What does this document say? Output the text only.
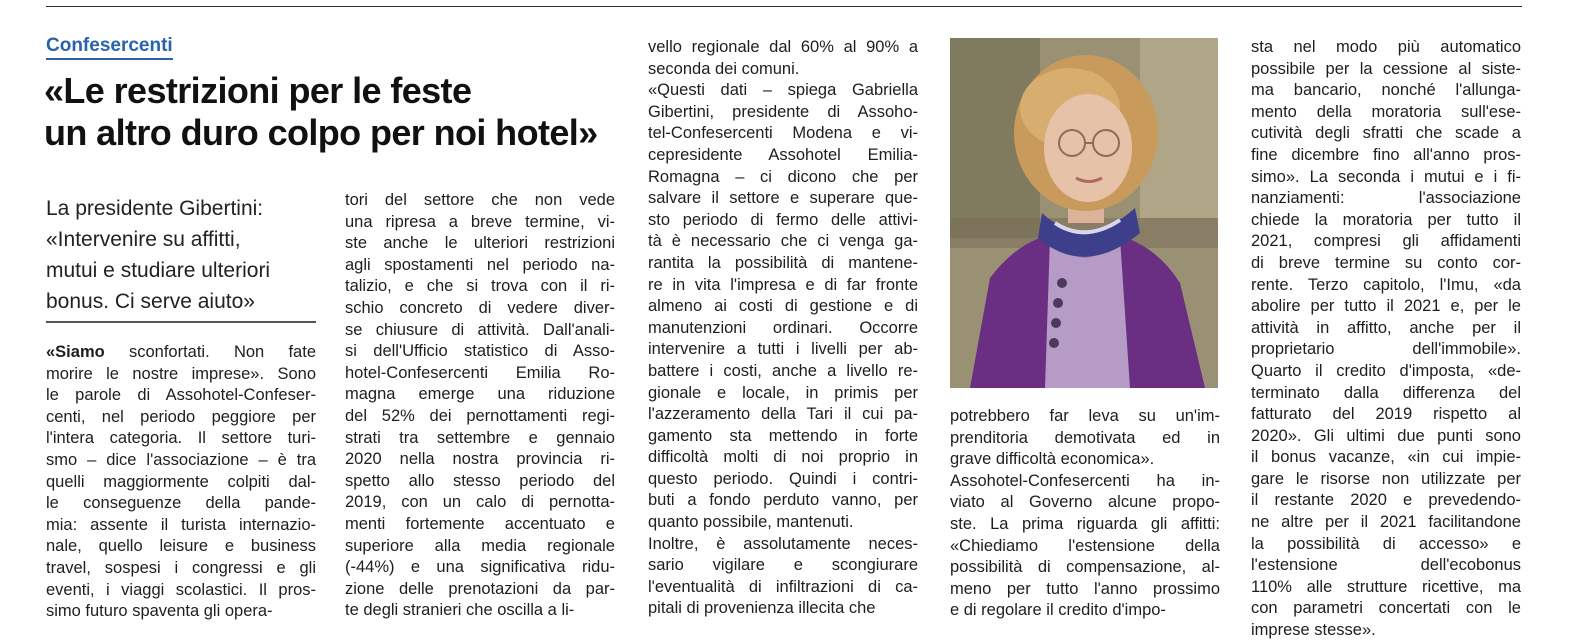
Confesercenti
«Le restrizioni per le feste
un altro duro colpo per noi hotel»

La presidente Gibertini:
«Intervenire su affitti,
mutui e studiare ulteriori
bonus. Ci serve aiuto»

«Siamo sconfortati. Non fate
morire le nostre imprese». Sono
le parole di Assohotel-Confeser-
centi, nel periodo peggiore per
l'intera categoria. Il settore turi-
smo – dice l'associazione – è tra
quelli maggiormente colpiti dal-
le conseguenze della pande-
mia: assente il turista internazio-
nale, quello leisure e business
travel, sospesi i congressi e gli
eventi, i viaggi scolastici. Il pros-
simo futuro spaventa gli opera-
tori del settore che non vede
una ripresa a breve termine, vi-
ste anche le ulteriori restrizioni
agli spostamenti nel periodo na-
talizio, e che si trova con il ri-
schio concreto di vedere diver-
se chiusure di attività. Dall'anali-
si dell'Ufficio statistico di Asso-
hotel-Confesercenti Emilia Ro-
magna emerge una riduzione
del 52% dei pernottamenti regi-
strati tra settembre e gennaio
2020 nella nostra provincia ri-
spetto allo stesso periodo del
2019, con un calo di pernotta-
menti fortemente accentuato e
superiore alla media regionale
(-44%) e una significativa ridu-
zione delle prenotazioni da par-
te degli stranieri che oscilla a li-
vello regionale dal 60% al 90% a
seconda dei comuni.
«Questi dati – spiega Gabriella
Gibertini, presidente di Assoho-
tel-Confesercenti Modena e vi-
cepresidente Assohotel Emilia-
Romagna – ci dicono che per
salvare il settore e superare que-
sto periodo di fermo delle attivi-
tà è necessario che ci venga ga-
rantita la possibilità di mantene-
re in vita l'impresa e di far fronte
almeno ai costi di gestione e di
manutenzioni ordinari. Occorre
intervenire a tutti i livelli per ab-
battere i costi, anche a livello re-
gionale e locale, in primis per
l'azzeramento della Tari il cui pa-
gamento sta mettendo in forte
difficoltà molti di noi proprio in
questo periodo. Quindi i contri-
buti a fondo perduto vanno, per
quanto possibile, mantenuti.
Inoltre, è assolutamente neces-
sario vigilare e scongiurare
l'eventualità di infiltrazioni di ca-
pitali di provenienza illecita che
potrebbero far leva su un'im-
prenditoria demotivata ed in
grave difficoltà economica».
Assohotel-Confesercenti ha in-
viato al Governo alcune propo-
ste. La prima riguarda gli affitti:
«Chiediamo l'estensione della
possibilità di compensazione, al-
meno per tutto l'anno prossimo
e di regolare il credito d'impo-
sta nel modo più automatico
possibile per la cessione al siste-
ma bancario, nonché l'allunga-
mento della moratoria sull'ese-
cutività degli sfratti che scade a
fine dicembre fino all'anno pros-
simo». La seconda i mutui e i fi-
nanziamenti: l'associazione
chiede la moratoria per tutto il
2021, compresi gli affidamenti
di breve termine su conto cor-
rente. Terzo capitolo, l'Imu, «da
abolire per tutto il 2021 e, per le
attività in affitto, anche per il
proprietario dell'immobile».
Quarto il credito d'imposta, «de-
terminato dalla differenza del
fatturato del 2019 rispetto al
2020». Gli ultimi due punti sono
il bonus vacanze, «in cui impie-
gare le risorse non utilizzate per
il restante 2020 e prevedendo-
ne altre per il 2021 facilitandone
la possibilità di accesso» e
l'estensione dell'ecobonus
110% alle strutture ricettive, ma
con parametri concertati con le
imprese stesse».
